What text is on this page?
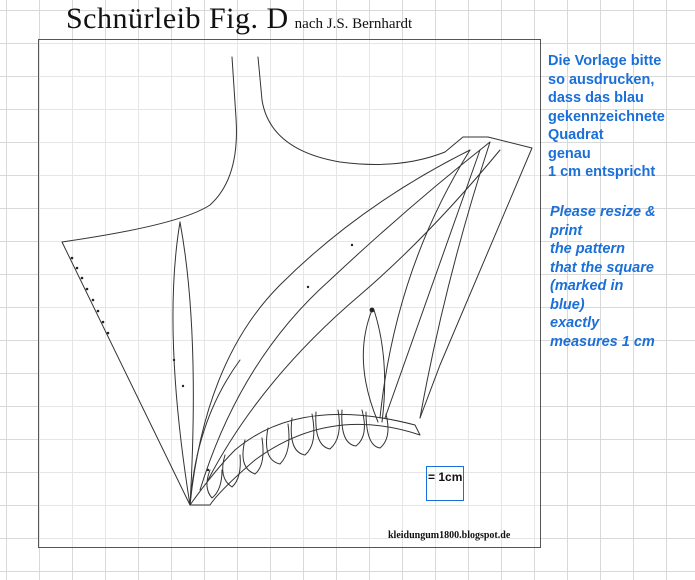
Schnürleib Fig. D nach J.S. Bernhardt
Die Vorlage bitte
so ausdrucken,
dass das blau
gekennzeichnete
Quadrat
genau
1 cm entspricht
Please resize &
print
the pattern
that the square
(marked in
blue)
exactly
measures 1 cm
= 1cm
kleidungum1800.blogspot.de
